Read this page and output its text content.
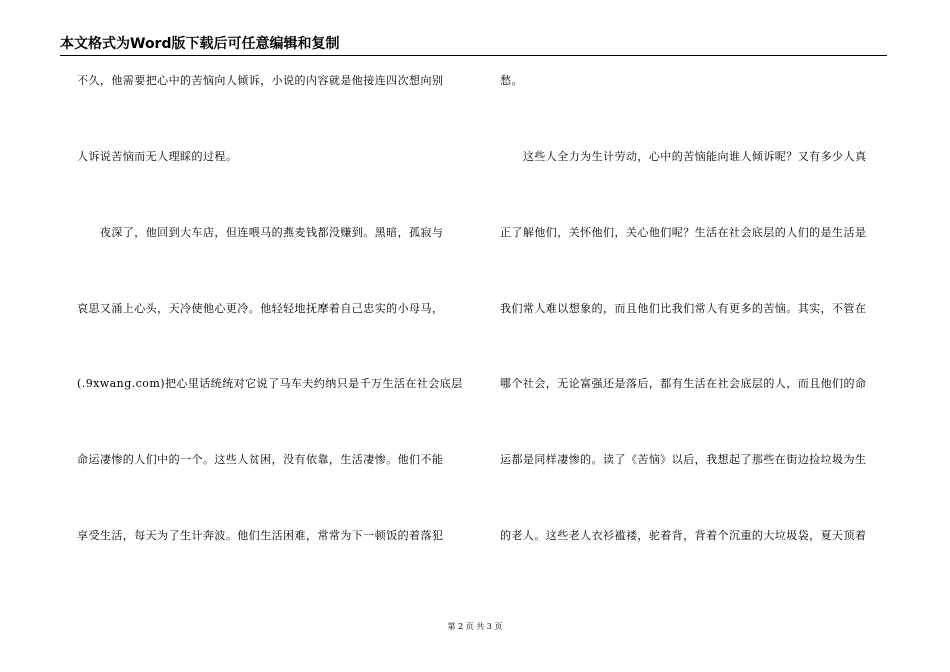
本文格式为Word版下载后可任意编辑和复制
不久，他需要把心中的苦恼向人倾诉，小说的内容就是他接连四次想向别
人诉说苦恼而无人理睬的过程。
　　夜深了，他回到大车店，但连喂马的燕麦钱都没赚到。黑暗，孤寂与
哀思又涌上心头，天冷使他心更冷。他轻轻地抚摩着自己忠实的小母马，
(.9xwang.com)把心里话统统对它说了马车夫约纳只是千万生活在社会底层
命运凄惨的人们中的一个。这些人贫困，没有依靠，生活凄惨。他们不能
享受生活，每天为了生计奔波。他们生活困难，常常为下一顿饭的着落犯
愁。
　　这些人全力为生计劳动，心中的苦恼能向谁人倾诉呢？又有多少人真
正了解他们，关怀他们，关心他们呢？生活在社会底层的人们的是生活是
我们常人难以想象的，而且他们比我们常人有更多的苦恼。其实，不管在
哪个社会，无论富强还是落后，都有生活在社会底层的人，而且他们的命
运都是同样凄惨的。读了《苦恼》以后，我想起了那些在街边捡垃圾为生
的老人。这些老人衣衫褴褛，驼着背，背着个沉重的大垃圾袋，夏天顶着
第 2 页 共 3 页
